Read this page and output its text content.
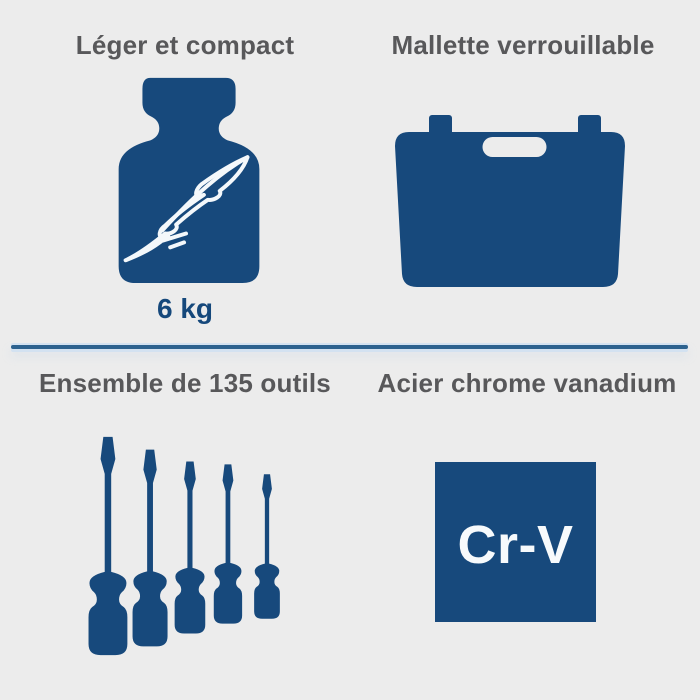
Léger et compact
6 kg
Mallette verrouillable
Ensemble de 135 outils	Acier chrome vanadium
Cr-V
